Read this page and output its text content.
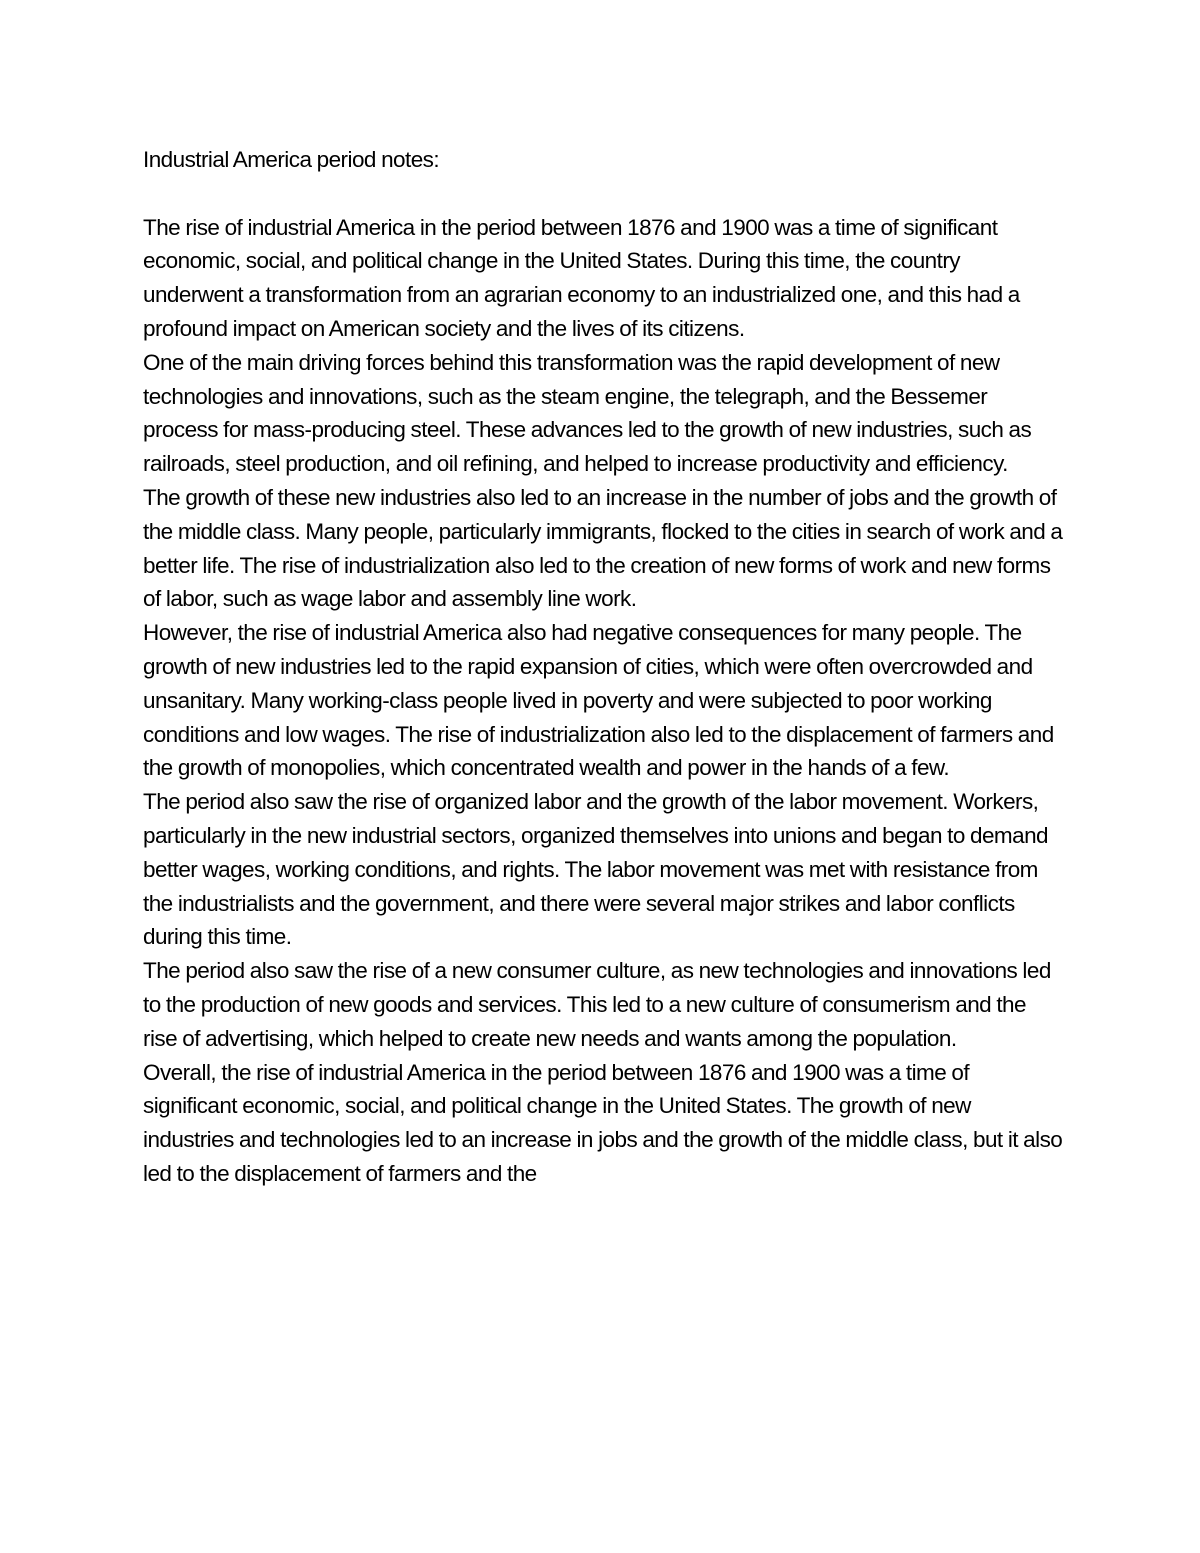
Industrial America period notes:

The rise of industrial America in the period between 1876 and 1900 was a time of significant economic, social, and political change in the United States. During this time, the country underwent a transformation from an agrarian economy to an industrialized one, and this had a profound impact on American society and the lives of its citizens.

One of the main driving forces behind this transformation was the rapid development of new technologies and innovations, such as the steam engine, the telegraph, and the Bessemer process for mass-producing steel. These advances led to the growth of new industries, such as railroads, steel production, and oil refining, and helped to increase productivity and efficiency.

The growth of these new industries also led to an increase in the number of jobs and the growth of the middle class. Many people, particularly immigrants, flocked to the cities in search of work and a better life. The rise of industrialization also led to the creation of new forms of work and new forms of labor, such as wage labor and assembly line work.

However, the rise of industrial America also had negative consequences for many people. The growth of new industries led to the rapid expansion of cities, which were often overcrowded and unsanitary. Many working-class people lived in poverty and were subjected to poor working conditions and low wages. The rise of industrialization also led to the displacement of farmers and the growth of monopolies, which concentrated wealth and power in the hands of a few.

The period also saw the rise of organized labor and the growth of the labor movement. Workers, particularly in the new industrial sectors, organized themselves into unions and began to demand better wages, working conditions, and rights. The labor movement was met with resistance from the industrialists and the government, and there were several major strikes and labor conflicts during this time.

The period also saw the rise of a new consumer culture, as new technologies and innovations led to the production of new goods and services. This led to a new culture of consumerism and the rise of advertising, which helped to create new needs and wants among the population.

Overall, the rise of industrial America in the period between 1876 and 1900 was a time of significant economic, social, and political change in the United States. The growth of new industries and technologies led to an increase in jobs and the growth of the middle class, but it also led to the displacement of farmers and the
